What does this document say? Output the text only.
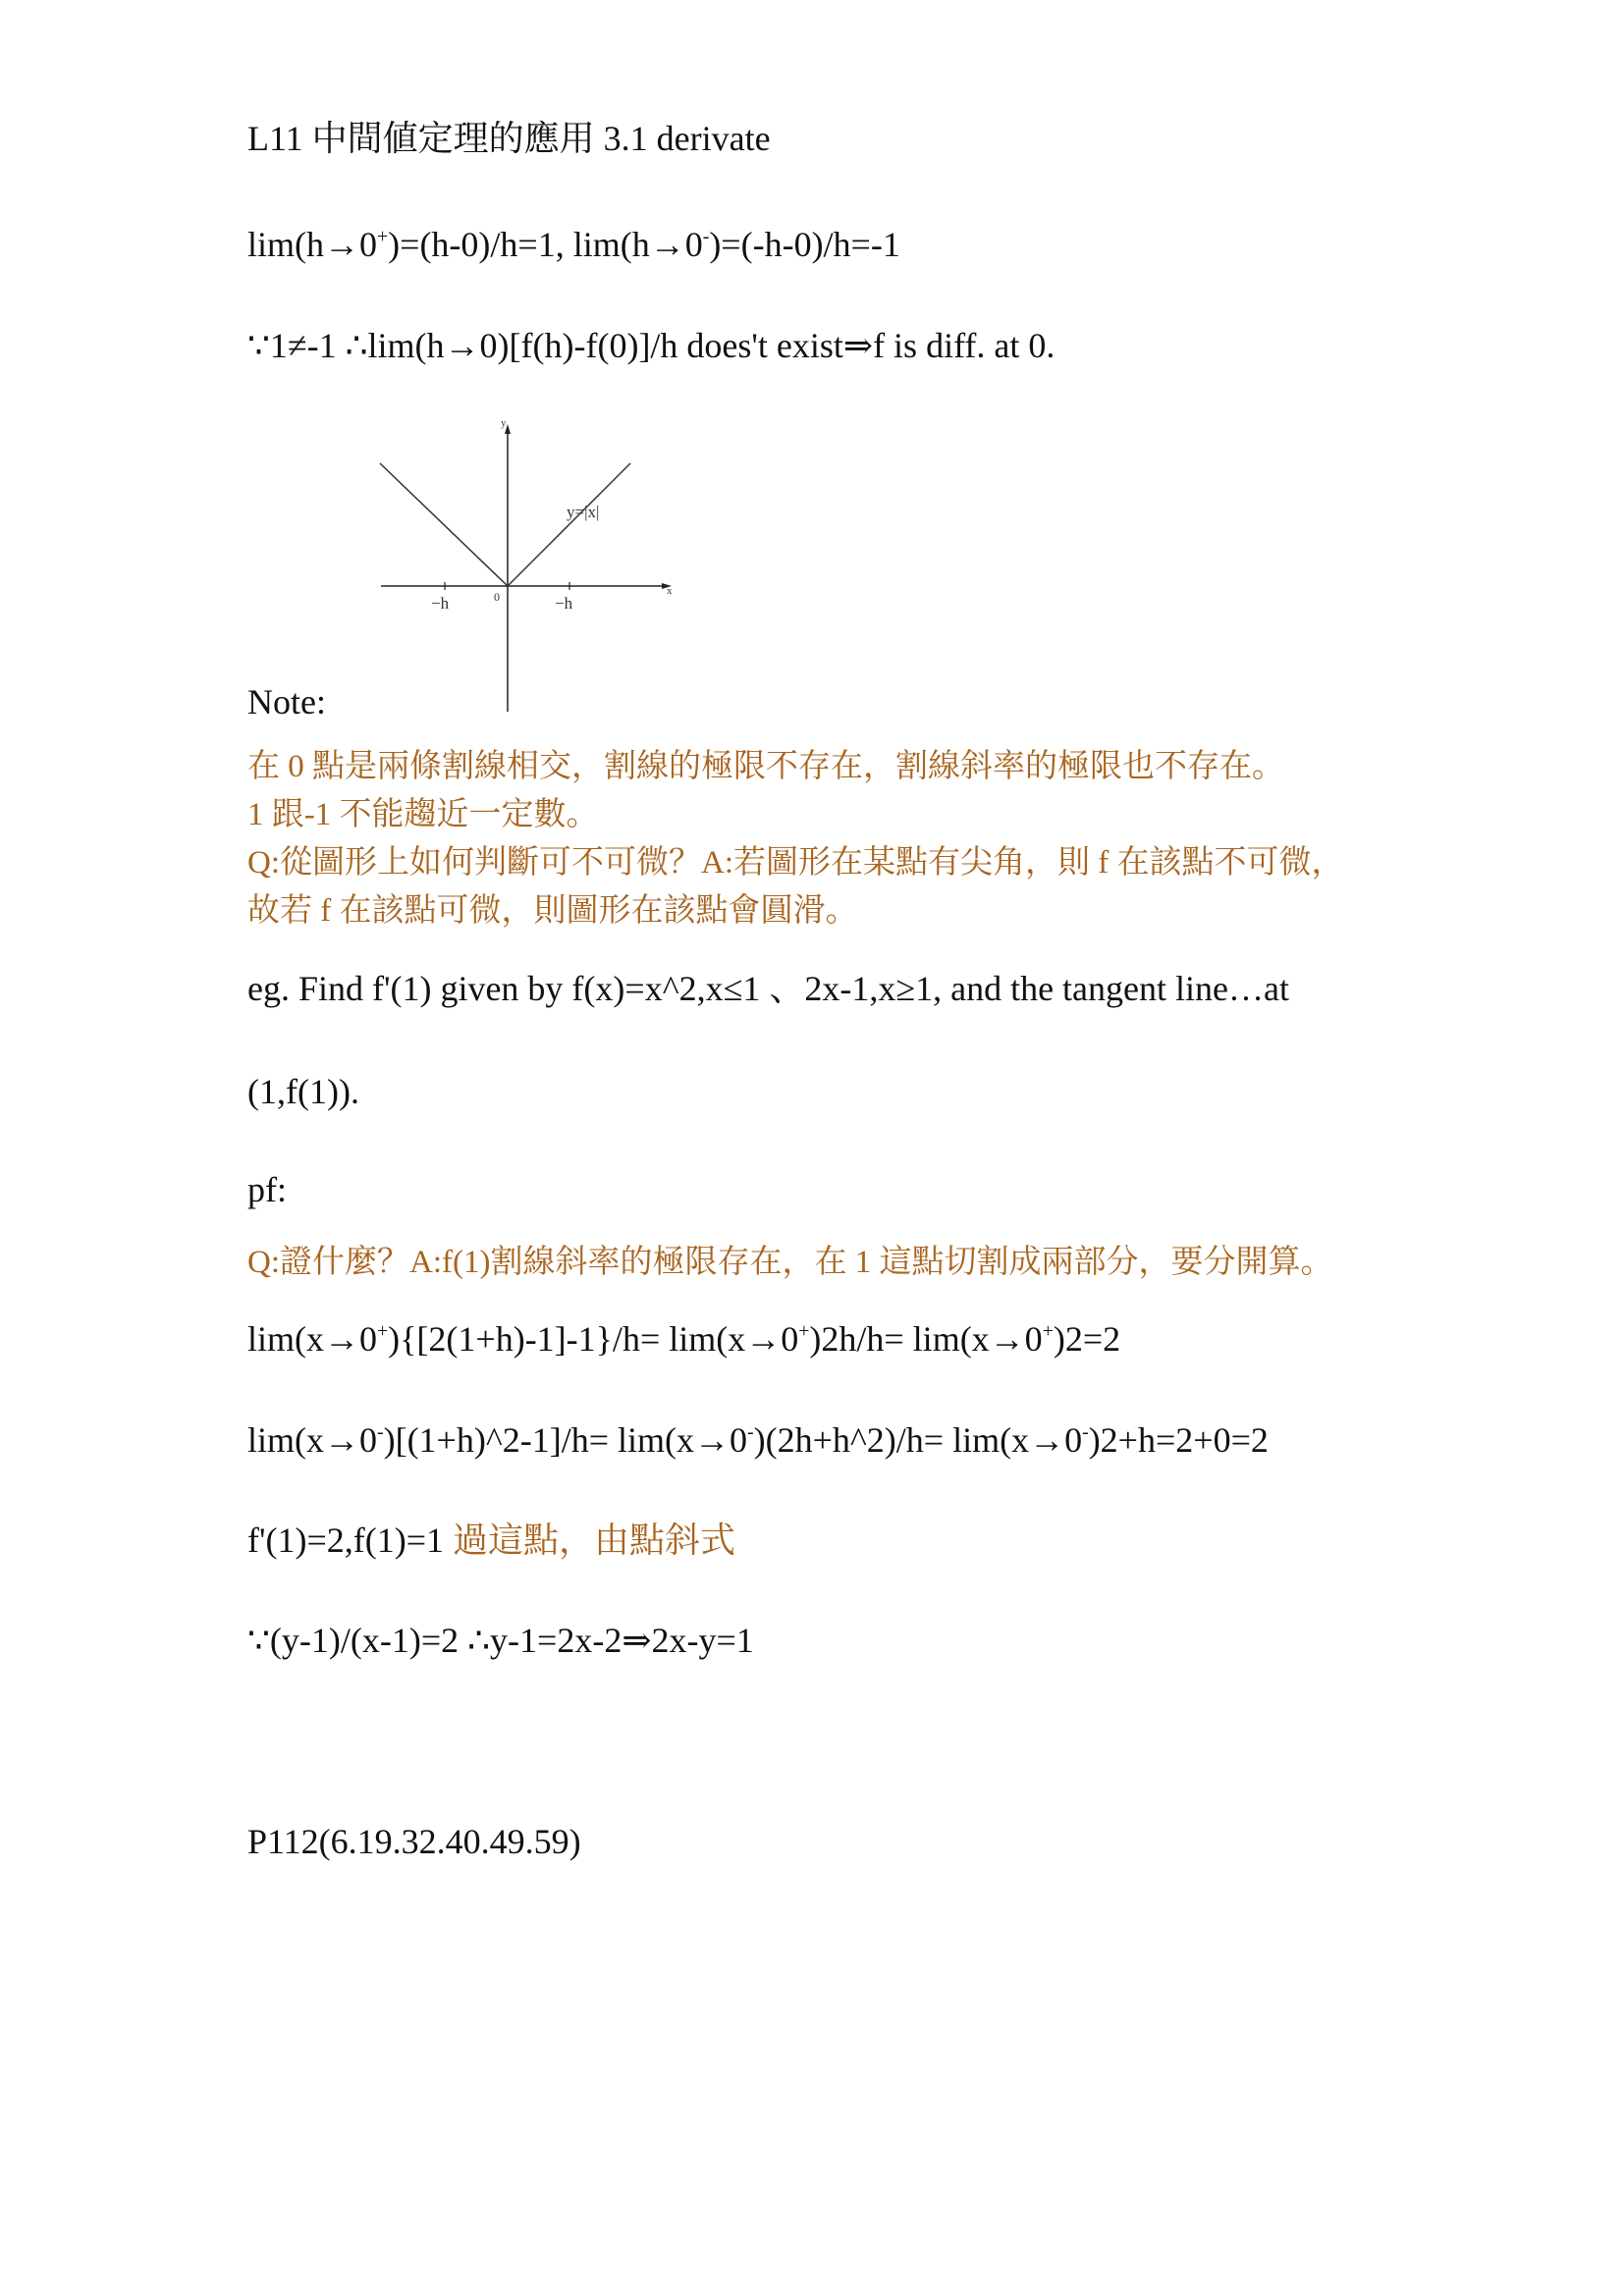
L11 中間値定理的應用 3.1 derivate
lim(h→0+)=(h-0)/h=1, lim(h→0-)=(-h-0)/h=-1
∵1≠-1 ∴lim(h→0)[f(h)-f(0)]/h does't exist⇒f is diff. at 0.
y
x
y=|x|
0
−h	−h
Note:
在 0 點是兩條割線相交，割線的極限不存在，割線斜率的極限也不存在。
1 跟-1 不能趨近一定數。
Q:從圖形上如何判斷可不可微？A:若圖形在某點有尖角，則 f 在該點不可微，
故若 f 在該點可微，則圖形在該點會圓滑。
eg. Find f'(1) given by f(x)=x^2,x≤1 、2x-1,x≥1, and the tangent line…at
(1,f(1)).
pf:
Q:證什麼？A:f(1)割線斜率的極限存在，在 1 這點切割成兩部分，要分開算。
lim(x→0+){[2(1+h)-1]-1}/h= lim(x→0+)2h/h= lim(x→0+)2=2
lim(x→0-)[(1+h)^2-1]/h= lim(x→0-)(2h+h^2)/h= lim(x→0-)2+h=2+0=2
f'(1)=2,f(1)=1 過這點，由點斜式
∵(y-1)/(x-1)=2 ∴y-1=2x-2⇒2x-y=1
P112(6.19.32.40.49.59)
